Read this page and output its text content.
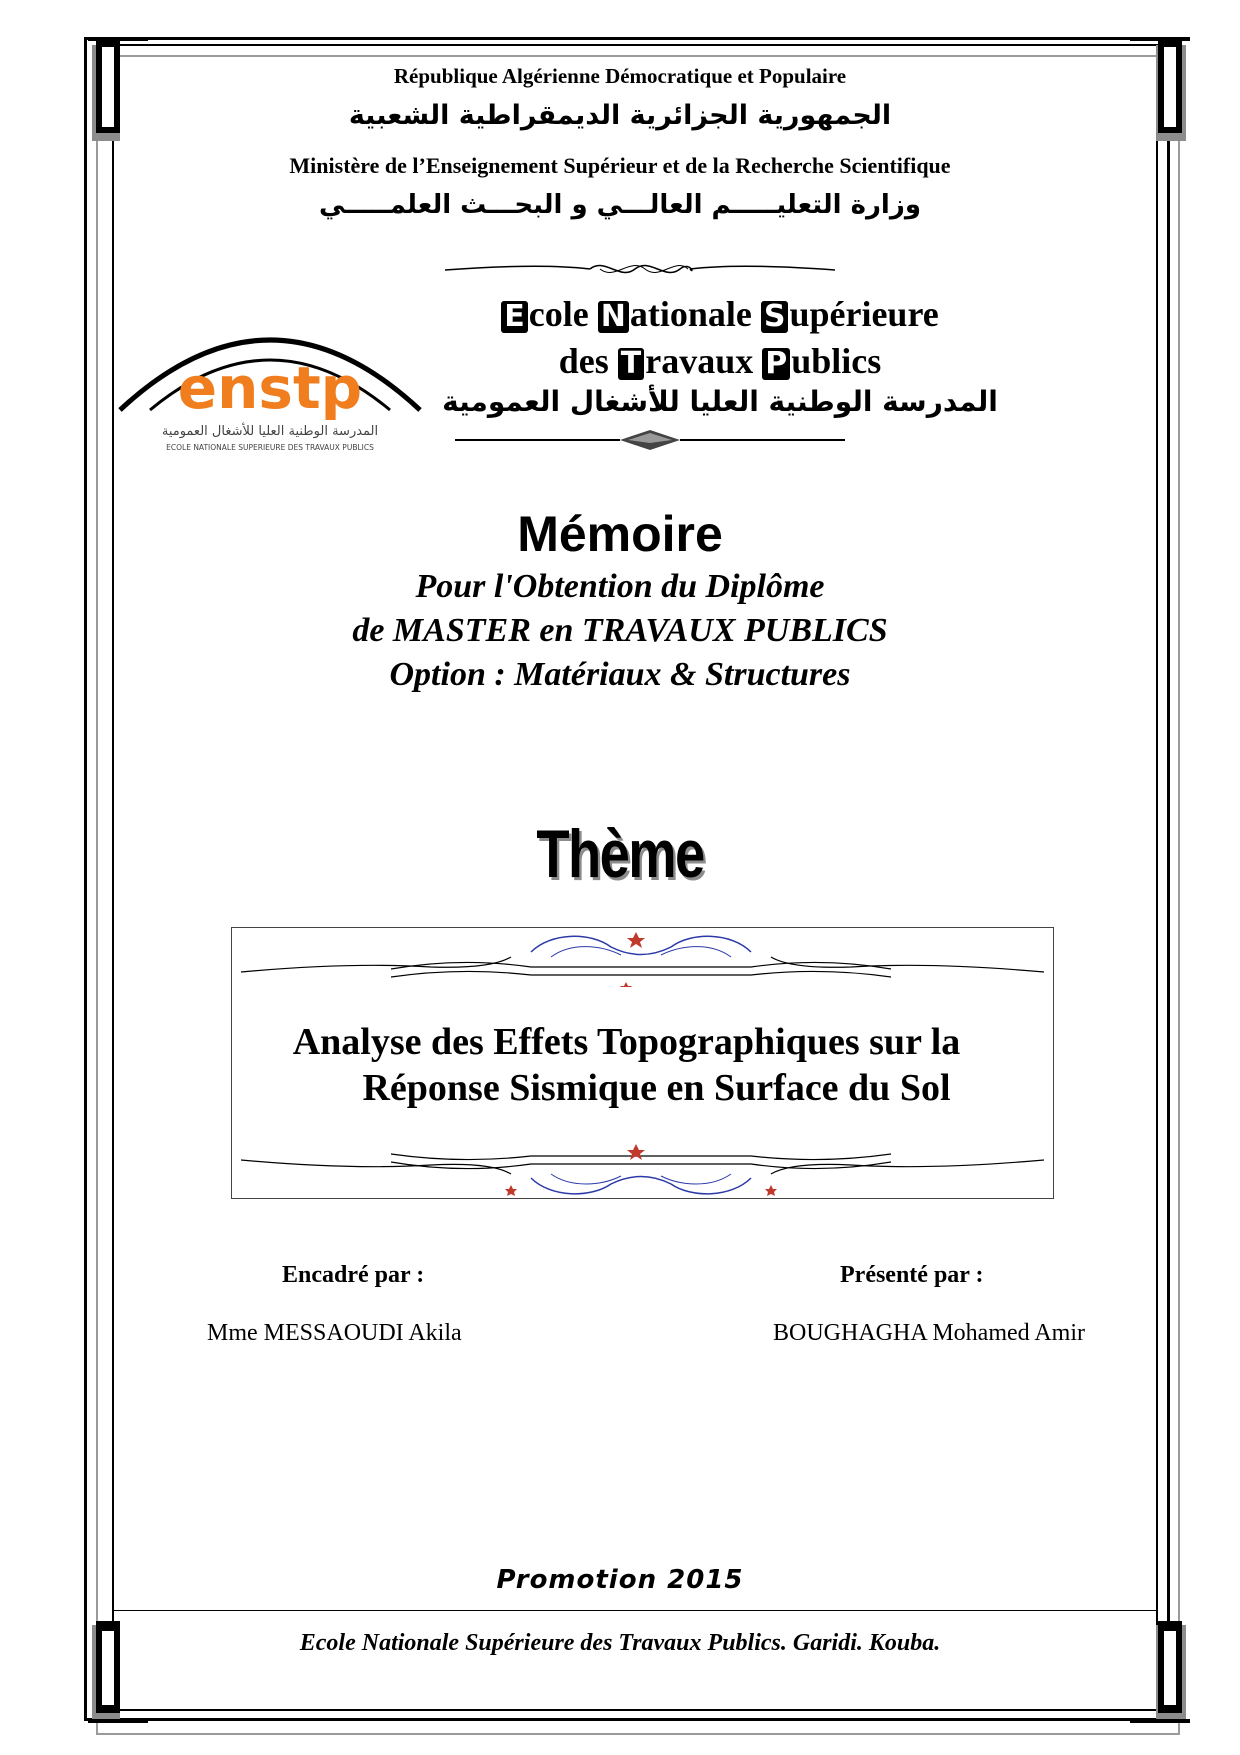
République Algérienne Démocratique et Populaire
الجمهورية الجزائرية الديمقراطية الشعبية
Ministère de l’Enseignement Supérieur et de la Recherche Scientifique
وزارة التعليـــــم العالـــي و البحـــث العلمـــــي
enstp
المدرسة الوطنية العليا للأشغال العمومية
ECOLE NATIONALE SUPERIEURE DES TRAVAUX PUBLICS
E cole N ationale S upérieure
des T ravaux P ublics
المدرسة الوطنية العليا للأشغال العمومية
Mémoire
Pour l'Obtention du Diplôme
de MASTER en TRAVAUX PUBLICS
Option : Matériaux & Structures
Thème
Analyse des Effets Topographiques sur la
Réponse Sismique en Surface du Sol
Encadré par :
Mme MESSAOUDI Akila
Présenté par :
BOUGHAGHA Mohamed Amir
Promotion 2015
Ecole Nationale Supérieure des Travaux Publics. Garidi. Kouba.
